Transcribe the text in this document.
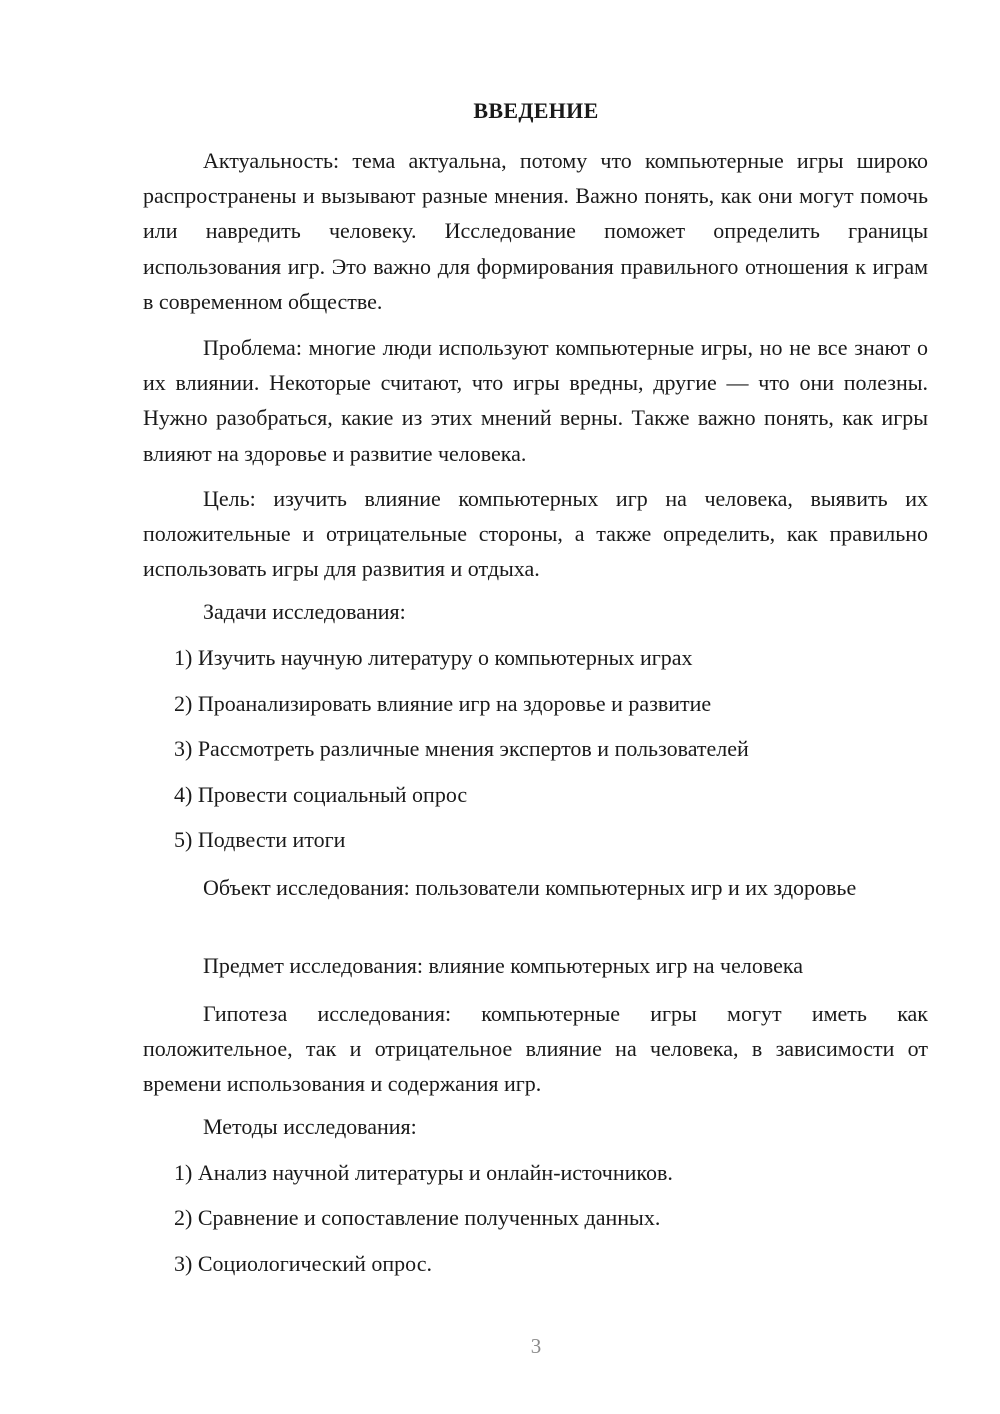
ВВЕДЕНИЕ

Актуальность: тема актуальна, потому что компьютерные игры широко распространены и вызывают разные мнения. Важно понять, как они могут помочь или навредить человеку. Исследование поможет определить границы использования игр. Это важно для формирования правильного отношения к играм в современном обществе.

Проблема: многие люди используют компьютерные игры, но не все знают о их влиянии. Некоторые считают, что игры вредны, другие — что они полезны. Нужно разобраться, какие из этих мнений верны. Также важно понять, как игры влияют на здоровье и развитие человека.

Цель: изучить влияние компьютерных игр на человека, выявить их положительные и отрицательные стороны, а также определить, как правильно использовать игры для развития и отдыха.

Задачи исследования:

1) Изучить научную литературу о компьютерных играх

2) Проанализировать влияние игр на здоровье и развитие

3) Рассмотреть различные мнения экспертов и пользователей

4) Провести социальный опрос

5) Подвести итоги

Объект исследования: пользователи компьютерных игр и их здоровье

Предмет исследования: влияние компьютерных игр на человека

Гипотеза исследования: компьютерные игры могут иметь как положительное, так и отрицательное влияние на человека, в зависимости от времени использования и содержания игр.

Методы исследования:

1) Анализ научной литературы и онлайн-источников.

2) Сравнение и сопоставление полученных данных.

3) Социологический опрос.

3
